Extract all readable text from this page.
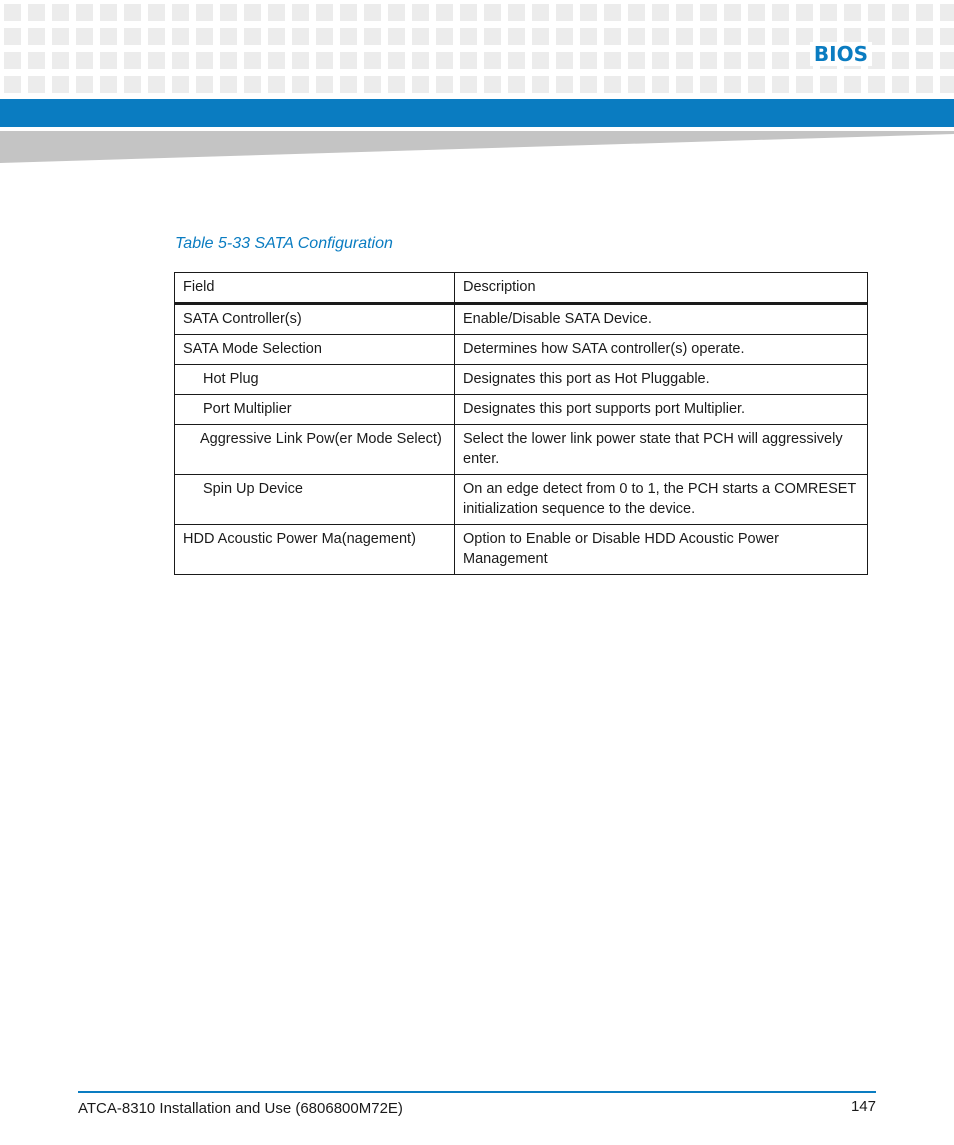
BIOS
Table 5-33 SATA Configuration
Field	Description
SATA Controller(s)	Enable/Disable SATA Device.
SATA Mode Selection	Determines how SATA controller(s) operate.
Hot Plug	Designates this port as Hot Pluggable.
Port Multiplier	Designates this port supports port Multiplier.
Aggressive Link Pow(er Mode Select)	Select the lower link power state that PCH will aggressively enter.
Spin Up Device	On an edge detect from 0 to 1, the PCH starts a COMRESET initialization sequence to the device.
HDD Acoustic Power Ma(nagement)	Option to Enable or Disable HDD Acoustic Power Management
ATCA-8310 Installation and Use (6806800M72E)	147
